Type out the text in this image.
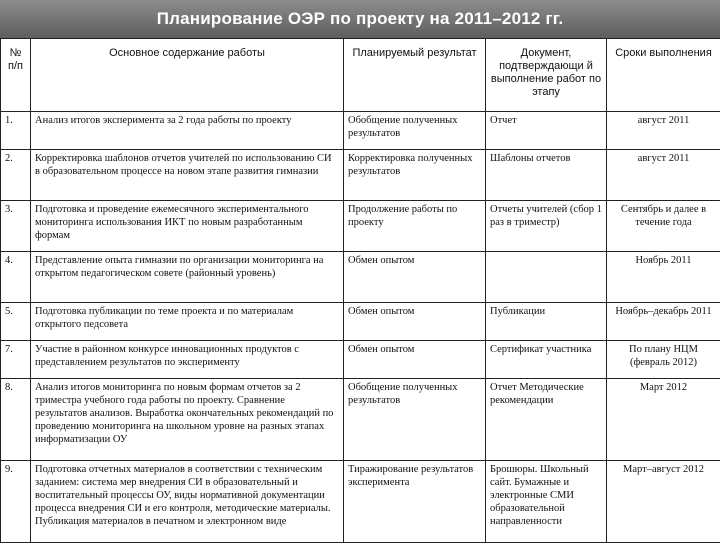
Планирование ОЭР по проекту на 2011–2012 гг.
№ п/п	Основное содержание работы	Планируемый результат	Документ, подтверждающи й выполнение работ по этапу	Сроки выполнения
1.	Анализ итогов эксперимента за 2 года работы по проекту	Обобщение полученных результатов	Отчет	август 2011
2.	Корректировка шаблонов отчетов учителей по использованию СИ в образовательном процессе на новом этапе развития гимназии	Корректировка полученных результатов	Шаблоны отчетов	август 2011
3.	Подготовка и проведение ежемесячного экспериментального мониторинга использования ИКТ по новым разработанным формам	Продолжение работы по проекту	Отчеты учителей (сбор 1 раз в триместр)	Сентябрь и далее в течение года
4.	Представление опыта гимназии по организации мониторинга на открытом педагогическом совете (районный уровень)	Обмен опытом		Ноябрь 2011
5.	Подготовка публикации по теме проекта и по материалам открытого педсовета	Обмен опытом	Публикации	Ноябрь–декабрь 2011
7.	Участие в районном конкурсе инновационных продуктов с представлением результатов по эксперименту	Обмен опытом	Сертификат участника	По плану НЦМ (февраль 2012)
8.	Анализ итогов мониторинга по новым формам отчетов за 2 триместра учебного года работы по проекту. Сравнение результатов анализов. Выработка окончательных рекомендаций по проведению мониторинга на школьном уровне на разных этапах информатизации ОУ	Обобщение полученных результатов	Отчет Методические рекомендации	Март 2012
9.	Подготовка отчетных материалов в соответствии с техническим заданием: система мер внедрения СИ в образовательный и воспитательный процессы ОУ, виды нормативной документации процесса внедрения СИ и его контроля, методические материалы. Публикация материалов в печатном и электронном виде	Тиражирование результатов эксперимента	Брошюры. Школьный сайт. Бумажные и электронные СМИ образовательной направленности	Март–август 2012
